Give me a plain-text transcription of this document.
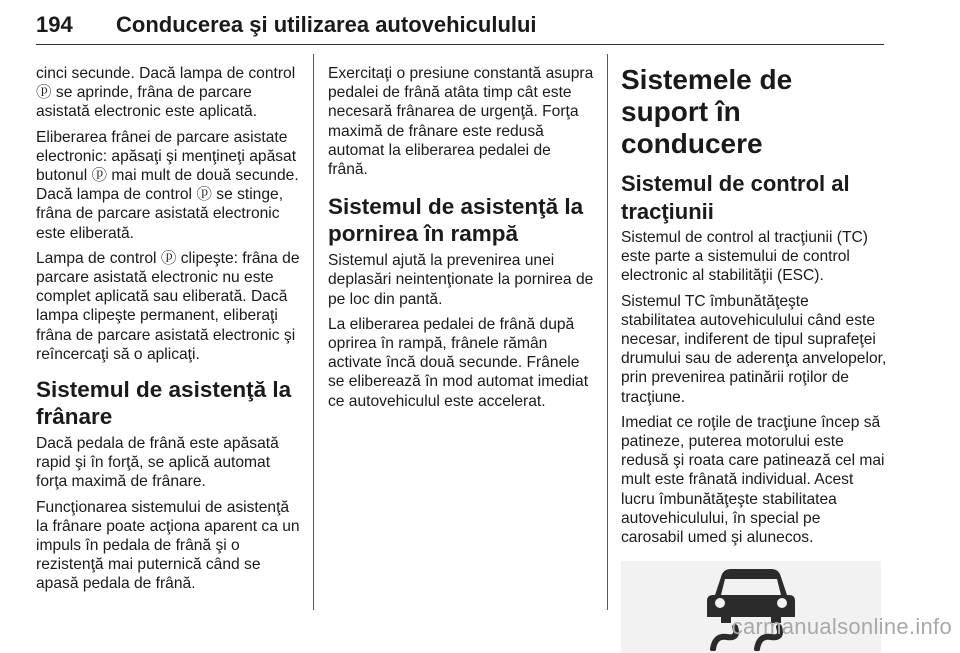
194 Conducerea şi utilizarea autovehiculului

cinci secunde. Dacă lampa de control ⓟ se aprinde, frâna de parcare asistată electronic este aplicată.

Eliberarea frânei de parcare asistate electronic: apăsaţi şi menţineţi apăsat butonul ⓟ mai mult de două secunde. Dacă lampa de control ⓟ se stinge, frâna de parcare asistată electronic este eliberată.

Lampa de control ⓟ clipeşte: frâna de parcare asistată electronic nu este complet aplicată sau eliberată. Dacă lampa clipeşte permanent, eliberaţi frâna de parcare asistată electronic şi reîncercaţi să o aplicaţi.

Sistemul de asistenţă la frânare

Dacă pedala de frână este apăsată rapid şi în forţă, se aplică automat forţa maximă de frânare.

Funcţionarea sistemului de asistenţă la frânare poate acţiona aparent ca un impuls în pedala de frână şi o rezistenţă mai puternică când se apasă pedala de frână.

Exercitaţi o presiune constantă asupra pedalei de frână atâta timp cât este necesară frânarea de urgenţă. Forţa maximă de frânare este redusă automat la eliberarea pedalei de frână.

Sistemul de asistenţă la pornirea în rampă

Sistemul ajută la prevenirea unei deplasări neintenţionate la pornirea de pe loc din pantă.

La eliberarea pedalei de frână după oprirea în rampă, frânele rămân activate încă două secunde. Frânele se eliberează în mod automat imediat ce autovehiculul este accelerat.

Sistemele de suport în conducere
Sistemul de control al tracţiunii

Sistemul de control al tracţiunii (TC) este parte a sistemului de control electronic al stabilităţii (ESC).

Sistemul TC îmbunătăţeşte stabilitatea autovehiculului când este necesar, indiferent de tipul suprafeţei drumului sau de aderenţa anvelopelor, prin prevenirea patinării roţilor de tracţiune.

Imediat ce roţile de tracţiune încep să patineze, puterea motorului este redusă şi roata care patinează cel mai mult este frânată individual. Acest lucru îmbunătăţeşte stabilitatea autovehiculului, în special pe carosabil umed şi alunecos.

carmanualsonline.info
